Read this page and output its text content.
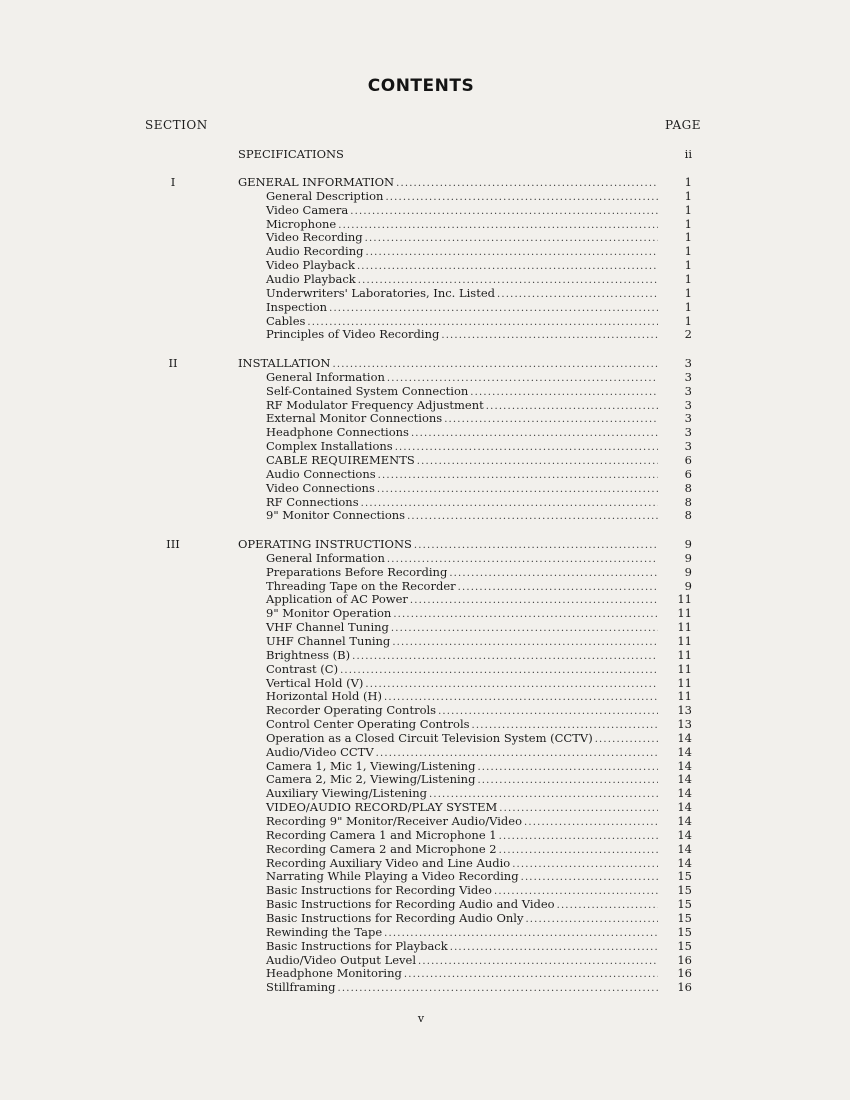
CONTENTS
SECTION	PAGE
SPECIFICATIONS	ii
I	GENERAL INFORMATION . . .	1
General Description . . .	1
Video Camera . . .	1
Microphone . . .	1
Video Recording . . .	1
Audio Recording . . .	1
Video Playback . . .	1
Audio Playback . . .	1
Underwriters' Laboratories, Inc. Listed . . .	1
Inspection . . .	1
Cables . . .	1
Principles of Video Recording . . .	2
II	INSTALLATION . . .	3
General Information . . .	3
Self-Contained System Connection . . .	3
RF Modulator Frequency Adjustment . . .	3
External Monitor Connections . . .	3
Headphone Connections . . .	3
Complex Installations . . .	3
CABLE REQUIREMENTS . . .	6
Audio Connections . . .	6
Video Connections . . .	8
RF Connections . . .	8
9" Monitor Connections . . .	8
III	OPERATING INSTRUCTIONS . . .	9
General Information . . .	9
Preparations Before Recording . . .	9
Threading Tape on the Recorder . . .	9
Application of AC Power . . .	11
9" Monitor Operation . . .	11
VHF Channel Tuning . . .	11
UHF Channel Tuning . . .	11
Brightness (B) . . .	11
Contrast (C) . . .	11
Vertical Hold (V) . . .	11
Horizontal Hold (H) . . .	11
Recorder Operating Controls . . .	13
Control Center Operating Controls . . .	13
Operation as a Closed Circuit Television System (CCTV) . . .	14
Audio/Video CCTV . . .	14
Camera 1, Mic 1, Viewing/Listening . . .	14
Camera 2, Mic 2, Viewing/Listening . . .	14
Auxiliary Viewing/Listening . . .	14
VIDEO/AUDIO RECORD/PLAY SYSTEM . . .	14
Recording 9" Monitor/Receiver Audio/Video . . .	14
Recording Camera 1 and Microphone 1 . . .	14
Recording Camera 2 and Microphone 2 . . .	14
Recording Auxiliary Video and Line Audio . . .	14
Narrating While Playing a Video Recording . . .	15
Basic Instructions for Recording Video . . .	15
Basic Instructions for Recording Audio and Video . . .	15
Basic Instructions for Recording Audio Only . . .	15
Rewinding the Tape . . .	15
Basic Instructions for Playback . . .	15
Audio/Video Output Level . . .	16
Headphone Monitoring . . .	16
Stillframing . . .	16
v
